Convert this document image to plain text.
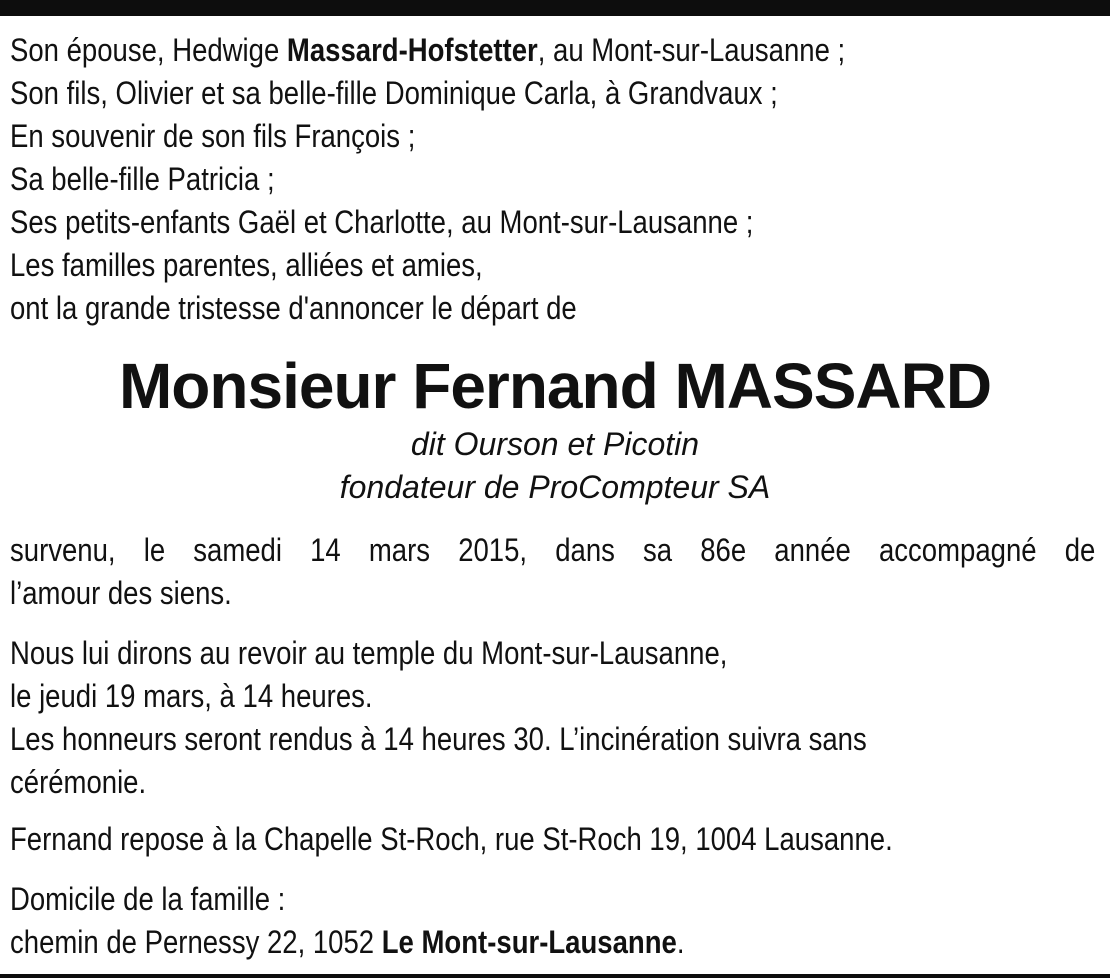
Son épouse, Hedwige Massard-Hofstetter, au Mont-sur-Lausanne ;
Son fils, Olivier et sa belle-fille Dominique Carla, à Grandvaux ;
En souvenir de son fils François ;
Sa belle-fille Patricia ;
Ses petits-enfants Gaël et Charlotte, au Mont-sur-Lausanne ;
Les familles parentes, alliées et amies,
ont la grande tristesse d'annoncer le départ de
Monsieur Fernand MASSARD
dit Ourson et Picotin
fondateur de ProCompteur SA
survenu, le samedi 14 mars 2015, dans sa 86e année accompagné de
l’amour des siens.
Nous lui dirons au revoir au temple du Mont-sur-Lausanne,
le jeudi 19 mars, à 14 heures.
Les honneurs seront rendus à 14 heures 30. L’incinération suivra sans
cérémonie.
Fernand repose à la Chapelle St-Roch, rue St-Roch 19, 1004 Lausanne.
Domicile de la famille :
chemin de Pernessy 22, 1052 Le Mont-sur-Lausanne.
